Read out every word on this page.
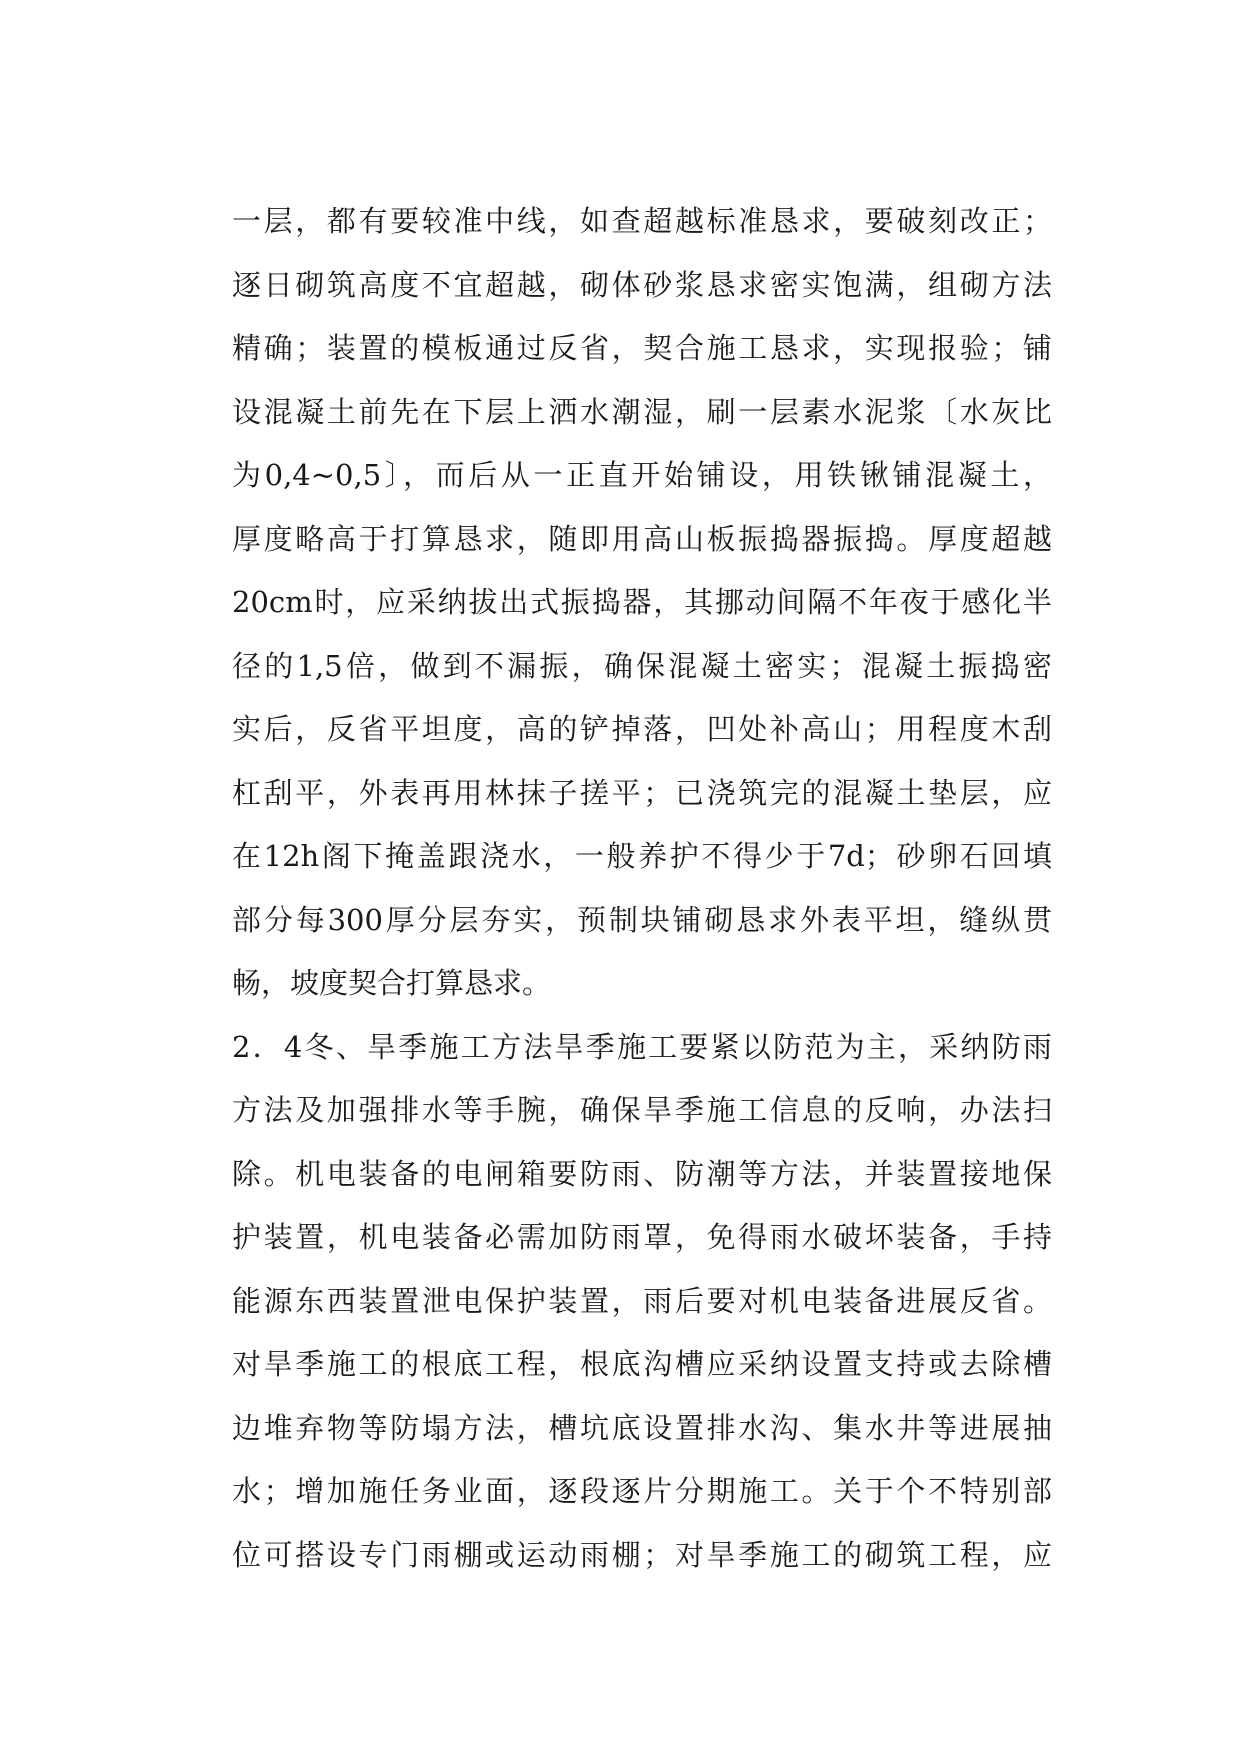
一层，都有要较准中线，如查超越标准恳求，要破刻改正；
逐日砌筑高度不宜超越，砌体砂浆恳求密实饱满，组砌方法
精确；装置的模板通过反省，契合施工恳求，实现报验；铺
设混凝土前先在下层上洒水潮湿，刷一层素水泥浆〔水灰比
为0,4~0,5〕，而后从一正直开始铺设，用铁锹铺混凝土，
厚度略高于打算恳求，随即用高山板振捣器振捣。厚度超越
20cm时，应采纳拔出式振捣器，其挪动间隔不年夜于感化半
径的1,5倍，做到不漏振，确保混凝土密实；混凝土振捣密
实后，反省平坦度，高的铲掉落，凹处补高山；用程度木刮
杠刮平，外表再用林抹子搓平；已浇筑完的混凝土垫层，应
在12h阁下掩盖跟浇水，一般养护不得少于7d；砂卵石回填
部分每300厚分层夯实，预制块铺砌恳求外表平坦，缝纵贯
畅，坡度契合打算恳求。
2．4冬、旱季施工方法旱季施工要紧以防范为主，采纳防雨
方法及加强排水等手腕，确保旱季施工信息的反响，办法扫
除。机电装备的电闸箱要防雨、防潮等方法，并装置接地保
护装置，机电装备必需加防雨罩，免得雨水破坏装备，手持
能源东西装置泄电保护装置，雨后要对机电装备进展反省。
对旱季施工的根底工程，根底沟槽应采纳设置支持或去除槽
边堆弃物等防塌方法，槽坑底设置排水沟、集水井等进展抽
水；增加施任务业面，逐段逐片分期施工。关于个不特别部
位可搭设专门雨棚或运动雨棚；对旱季施工的砌筑工程，应
